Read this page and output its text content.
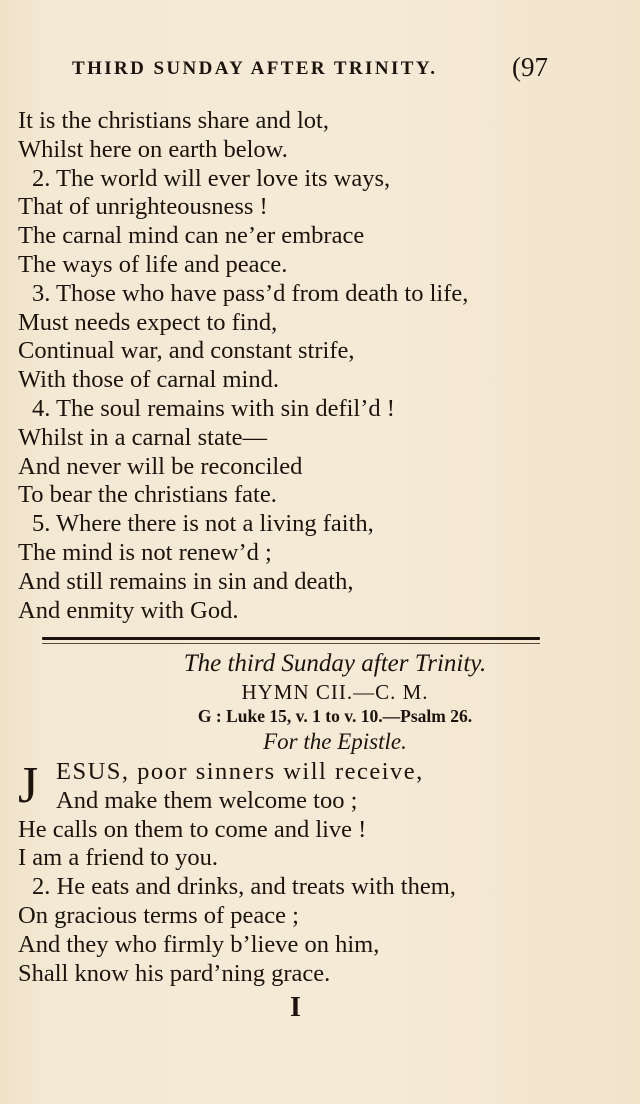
THIRD SUNDAY AFTER TRINITY.	(97
It is the christians share and lot,
Whilst here on earth below.
2. The world will ever love its ways,
That of unrighteousness !
The carnal mind can ne’er embrace
The ways of life and peace.
3. Those who have pass’d from death to life,
Must needs expect to find,
Continual war, and constant strife,
With those of carnal mind.
4. The soul remains with sin defil’d !
Whilst in a carnal state—
And never will be reconciled
To bear the christians fate.
5. Where there is not a living faith,
The mind is not renew’d ;
And still remains in sin and death,
And enmity with God.
The third Sunday after Trinity.
HYMN CII.—C. M.
G : Luke 15, v. 1 to v. 10.—Psalm 26.
For the Epistle.
J ESUS, poor sinners will receive,
And make them welcome too ;
He calls on them to come and live !
I am a friend to you.
2. He eats and drinks, and treats with them,
On gracious terms of peace ;
And they who firmly b’lieve on him,
Shall know his pard’ning grace.
I
